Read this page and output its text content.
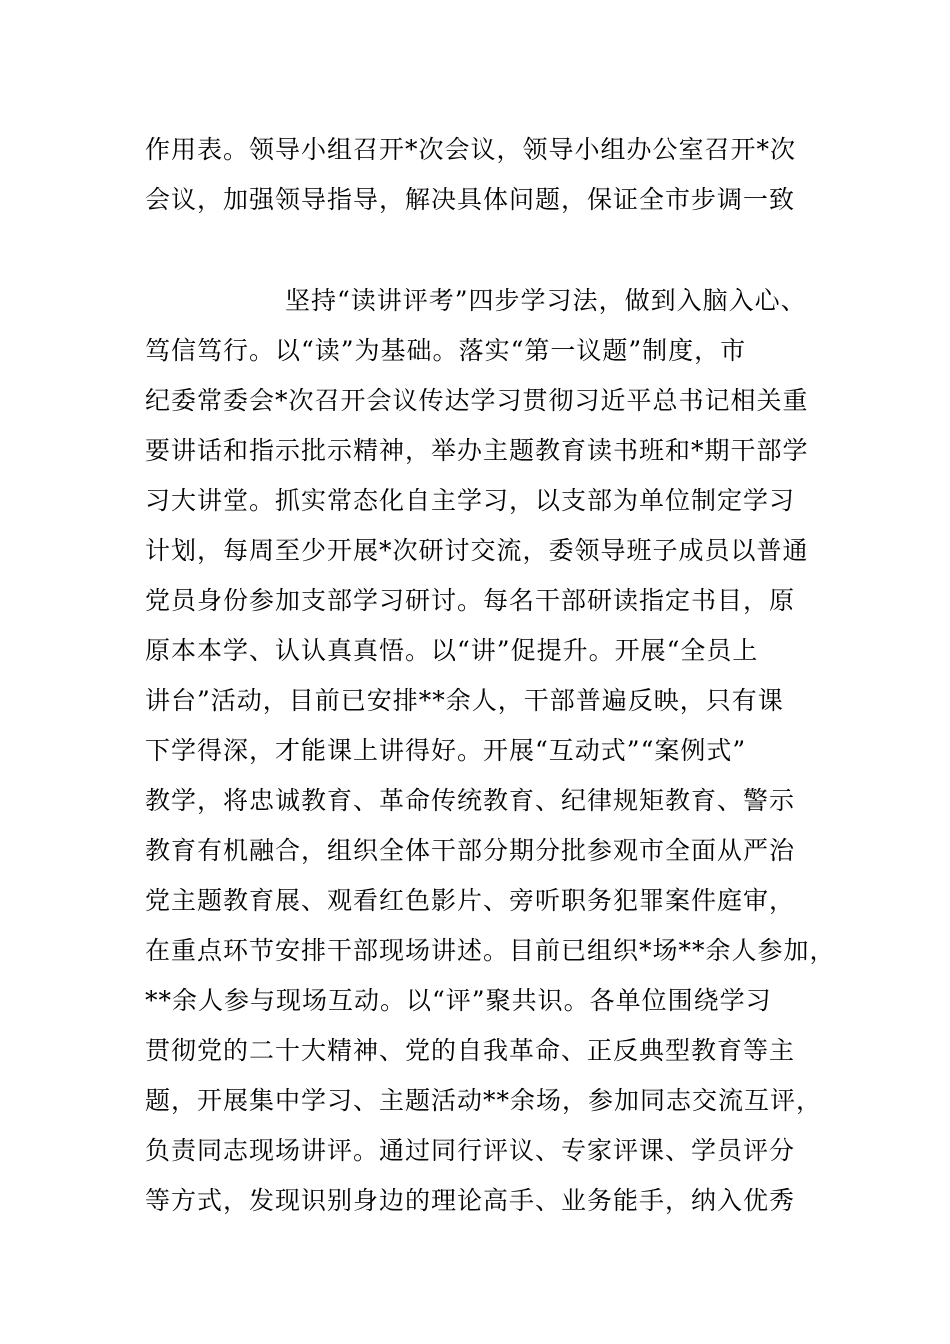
作用表。领导小组召开*次会议，领导小组办公室召开*次
会议，加强领导指导，解决具体问题，保证全市步调一致
坚持“读讲评考”四步学习法，做到入脑入心、
笃信笃行。以“读”为基础。落实“第一议题”制度，市
纪委常委会*次召开会议传达学习贯彻习近平总书记相关重
要讲话和指示批示精神，举办主题教育读书班和*期干部学
习大讲堂。抓实常态化自主学习，以支部为单位制定学习
计划，每周至少开展*次研讨交流，委领导班子成员以普通
党员身份参加支部学习研讨。每名干部研读指定书目，原
原本本学、认认真真悟。以“讲”促提升。开展“全员上
讲台”活动，目前已安排**余人，干部普遍反映，只有课
下学得深，才能课上讲得好。开展“互动式”“案例式”
教学，将忠诚教育、革命传统教育、纪律规矩教育、警示
教育有机融合，组织全体干部分期分批参观市全面从严治
党主题教育展、观看红色影片、旁听职务犯罪案件庭审，
在重点环节安排干部现场讲述。目前已组织*场**余人参加，
**余人参与现场互动。以“评”聚共识。各单位围绕学习
贯彻党的二十大精神、党的自我革命、正反典型教育等主
题，开展集中学习、主题活动**余场，参加同志交流互评，
负责同志现场讲评。通过同行评议、专家评课、学员评分
等方式，发现识别身边的理论高手、业务能手，纳入优秀
